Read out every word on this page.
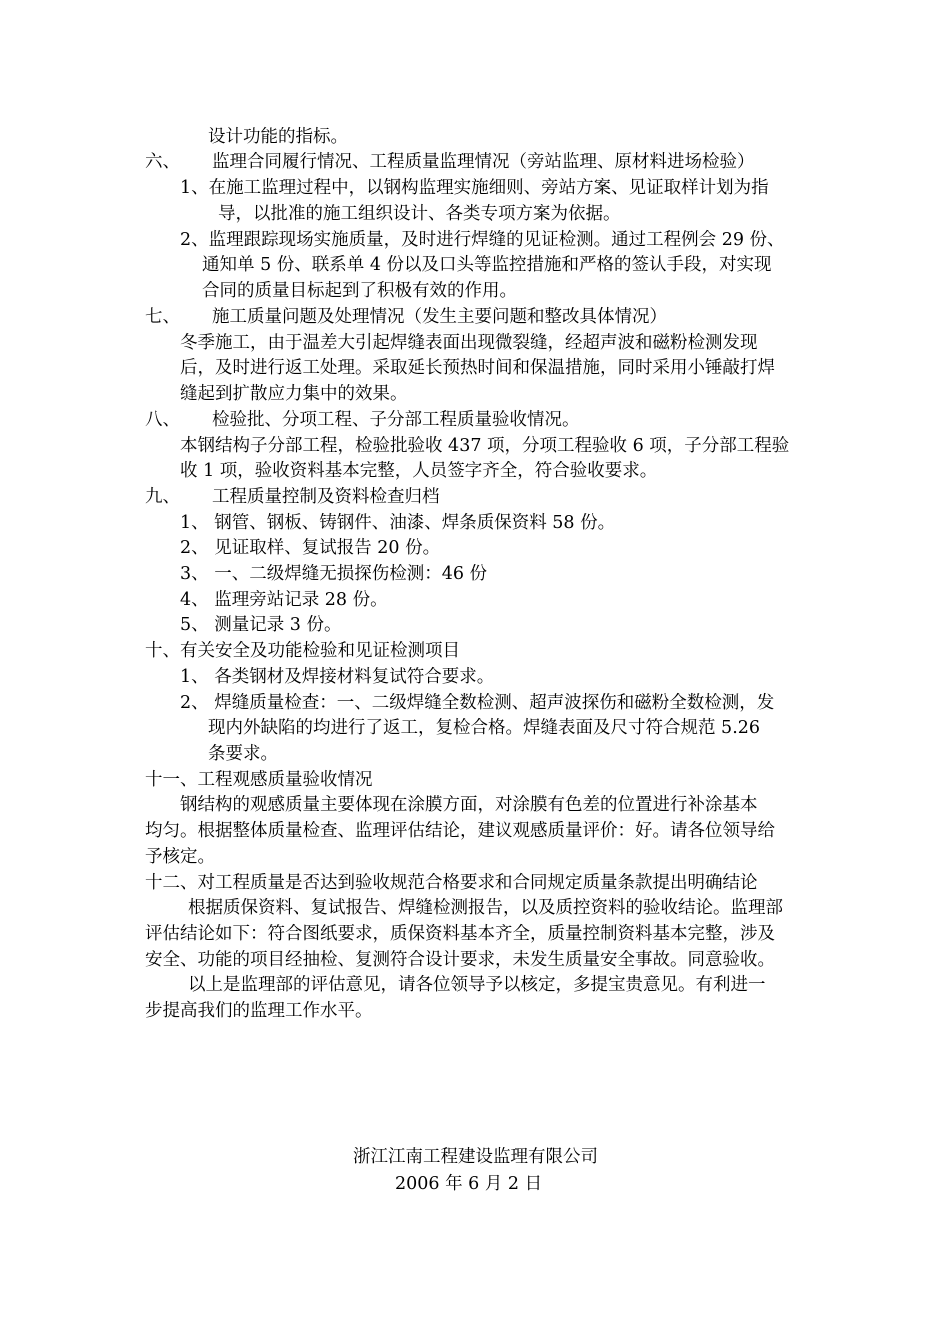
设计功能的指标。
六、 监理合同履行情况、工程质量监理情况（旁站监理、原材料进场检验）
1、在施工监理过程中，以钢构监理实施细则、旁站方案、见证取样计划为指
导，以批准的施工组织设计、各类专项方案为依据。
2、监理跟踪现场实施质量，及时进行焊缝的见证检测。通过工程例会 29 份、
通知单 5 份、联系单 4 份以及口头等监控措施和严格的签认手段，对实现
合同的质量目标起到了积极有效的作用。
七、 施工质量问题及处理情况（发生主要问题和整改具体情况）
冬季施工，由于温差大引起焊缝表面出现微裂缝，经超声波和磁粉检测发现
后，及时进行返工处理。采取延长预热时间和保温措施，同时采用小锤敲打焊
缝起到扩散应力集中的效果。
八、 检验批、分项工程、子分部工程质量验收情况。
本钢结构子分部工程，检验批验收 437 项，分项工程验收 6 项，子分部工程验
收 1 项，验收资料基本完整，人员签字齐全，符合验收要求。
九、 工程质量控制及资料检查归档
1、 钢管、钢板、铸钢件、油漆、焊条质保资料 58 份。
2、 见证取样、复试报告 20 份。
3、 一、二级焊缝无损探伤检测：46 份
4、 监理旁站记录 28 份。
5、 测量记录 3 份。
十、有关安全及功能检验和见证检测项目
1、 各类钢材及焊接材料复试符合要求。
2、 焊缝质量检查：一、二级焊缝全数检测、超声波探伤和磁粉全数检测，发
现内外缺陷的均进行了返工，复检合格。焊缝表面及尺寸符合规范 5.26
条要求。
十一、工程观感质量验收情况
钢结构的观感质量主要体现在涂膜方面，对涂膜有色差的位置进行补涂基本
均匀。根据整体质量检查、监理评估结论，建议观感质量评价：好。请各位领导给
予核定。
十二、对工程质量是否达到验收规范合格要求和合同规定质量条款提出明确结论
根据质保资料、复试报告、焊缝检测报告，以及质控资料的验收结论。监理部
评估结论如下：符合图纸要求，质保资料基本齐全，质量控制资料基本完整，涉及
安全、功能的项目经抽检、复测符合设计要求，未发生质量安全事故。同意验收。
以上是监理部的评估意见，请各位领导予以核定，多提宝贵意见。有利进一
步提高我们的监理工作水平。
浙江江南工程建设监理有限公司
2006 年 6 月 2 日
